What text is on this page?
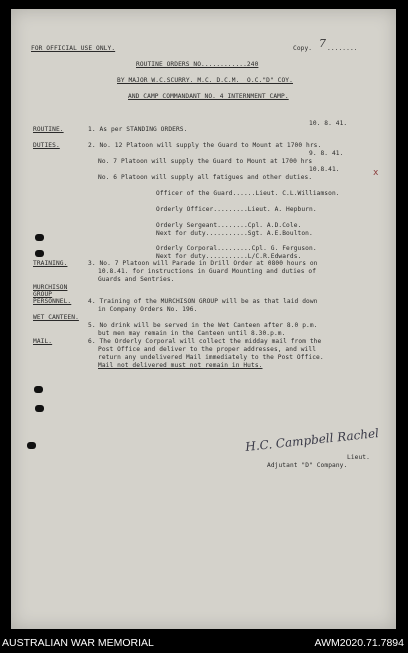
FOR OFFICIAL USE ONLY.	Copy. 7 ........
ROUTINE ORDERS NO............240
BY MAJOR W.C.SCURRY. M.C. D.C.M.  O.C."D" COY.
AND CAMP COMMANDANT NO. 4 INTERNMENT CAMP.
10. 8. 41.
ROUTINE.	1. As per STANDING ORDERS.
DUTIES.	2. No. 12 Platoon will supply the Guard to Mount at 1700 hrs.
9. 8. 41.
No. 7 Platoon will supply the Guard to Mount at 1700 hrs
10.8.41.
No. 6 Platoon will supply all fatigues and other duties.	x
Officer of the Guard......Lieut. C.L.Williamson.
Orderly Officer.........Lieut. A. Hepburn.
Orderly Sergeant........Cpl. A.D.Cole.
Next for duty...........Sgt. A.E.Boulton.
Orderly Corporal.........Cpl. G. Ferguson.
Next for duty...........L/C.R.Edwards.
TRAINING.	3. No. 7 Platoon will Parade in Drill Order at 0800 hours on
10.8.41. for instructions in Guard Mounting and duties of
Guards and Sentries.
MURCHISON
GROUP
PERSONNEL.	4. Training of the MURCHISON GROUP will be as that laid down
in Company Orders No. 196.
WET CANTEEN.
5. No drink will be served in the Wet Canteen after 8.0 p.m.
but men may remain in the Canteen until 8.30.p.m.
MAIL.	6. The Orderly Corporal will collect the midday mail from the
Post Office and deliver to the proper addresses, and will
return any undelivered Mail immediately to the Post Office.
Mail not delivered must not remain in Huts.
H.C. Campbell Rachel
Lieut.
Adjutant "D" Company.
AUSTRALIAN WAR MEMORIAL	AWM2020.71.7894
